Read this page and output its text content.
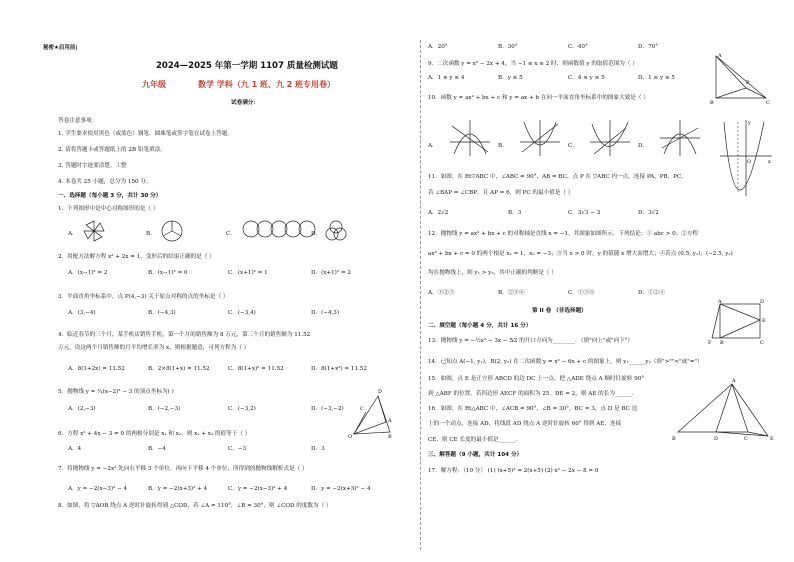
秘密★启用前|
2024—2025 年第一学期 1107 质量检测试题
九年级	数学 学科（九 1 班、九 2 班专用卷）
试卷满分：
答卷注意事项：
1. 学生要求使用黑色（或蓝色）钢笔、圆珠笔或签字笔在试卷上答题。
2. 请将答题卡或答题纸上的 2B 铅笔填涂。
3. 答题时字迹要清楚、工整
4. 本卷共 25 小题，总分为 150 分。
一、选择题（每小题 3 分，共计 30 分）
1．下列图形中是中心对称图形的是（ ）
A．	B．	C．	D．
2．用配方法解方程 x² + 2x = 1，变形后的结果正确的是（ ）
A．(x−1)² = 2	B．(x−1)² = 0	C．(x+1)² = 1	D．(x+1)² = 2
3．平面直角坐标系中，点 P(4,−3) 关于原点对称的点的坐标是（ ）
A．(3,−4)	B．(−4,3)	C．(−3,4)	D．(−4,3)
4．临近春节的三个月，某手机店销售手机，第一个月的销售额为 8 万元，第三个月的销售额为 11.52
万元，设这两个月销售额的月平均增长率为 x，则根据题意，可列方程为（ ）
A．8(1+2x) = 11.52	B．2×8(1+x) = 11.52	C．8(1+x)² = 11.52	D．8(1+x²) = 11.52
5．抛物线 y = ¼(x−2)² − 3 的顶点坐标为( )
A．(2,−3)	B．(−2,−3)	C．(−3,2)	D．(−3,−2)
D
C
O	B
A
6．方程 x² + 4x − 3 = 0 的两根分别是 x₁ 和 x₂，则 x₁ + x₂ 的值等于（ ）
A．4	B．−4	C．−3	D．3
7．将抛物线 y = −2x² 先向右平移 3 个单位，再向下平移 4 个单位，所得到的抛物线解析式是（ ）
A．y = −2(x−3)² − 4	B．y = −2(x+3)² + 4	C．y = −2(x−3)² + 4	D．y = −2(x+3)² − 4
8．如图，将 ▽AOB 绕点 A 逆时针旋转得到 △COD，若 ∠A = 110°，∠B = 30°，则 ∠COD 的度数为（ ）
A．20°	B．30°	C．40°	D．70°
A
P
B	C
9．二次函数 y = x² − 2x + 4，当 −1 ≤ x ≤ 2 时，则函数值 y 的取值范围为（ ）
A．1 ≤ y ≤ 4	B．y ≤ 5	C．4 ≤ y ≤ 5	D．1 ≤ y ≤ 5
10．函数 y = ax² + bx + c 和 y = ax + b 在同一平面直角坐标系中的图象大致是（ ）
A．	B．	C．	D．
y
O	x
11．如图，在 Rt▽ABC 中，∠ABC = 90°，AB = BC，点 P 在 ▽ABC 内一点，连接 PA，PB，PC，
若 ∠BAP = ∠CBP，且 AP = 6，则 PC 的最小值是（ ）
A．2√2	B．3	C．3√3 − 3	D．3√2
12．抛物线 y = ax² + bx + c 的对称轴是直线 x = −1，其图象如图所示．下列结论：① abc > 0；②方程
ax² + bx + c = 0 的两个根是 x₁ = 1，x₂ = −3；③当 x > 0 时，y 的值随 x 增大而增大；④若点 (0.5, y₁)，(−2.5, y₂)
均在抛物线上，则 y₁ > y₂，其中正确的判断是（ ）
A．①②③	B．②③④	C．①③④	D．①②④
第 II 卷 （非选择题）
A	D
E
F B	C
二、填空题（每小题 4 分，共计 16 分）
13．抛物线 y = −½x² − 3x − 5⁄2 的开口方向为________．（填"向上"或"向下"）
14．已知点 A(−1, y₁)，B(2, y₂) 在二次函数 y = x² − 6x + c 的图象上，则 y₁______y₂（填">""<"或"="）
15．如图，点 E 是正方形 ABCD 的边 DC 上一点，把 △ADE 绕点 A 顺时针旋转 90°
到 △ABF 的位置，若四边形 AECF 的面积为 25，DE = 2，则 AE 的长为______．
16．如图，在 Rt△ABC 中，∠ACB = 90°，∠B = 30°，BC = 3，点 D 是 BC 边
上的一个动点，连接 AD，将线段 AD 绕点 A 逆时针旋转 60° 得到 AE，连接
CE，则 CE 长度的最小值是______．
A
B	D	C	E
三、解答题（9 小题，共计 104 分）
17．解方程：（10 分） (1) (x+5)² = 2(x+5) (2) x² − 2x − 8 = 0
